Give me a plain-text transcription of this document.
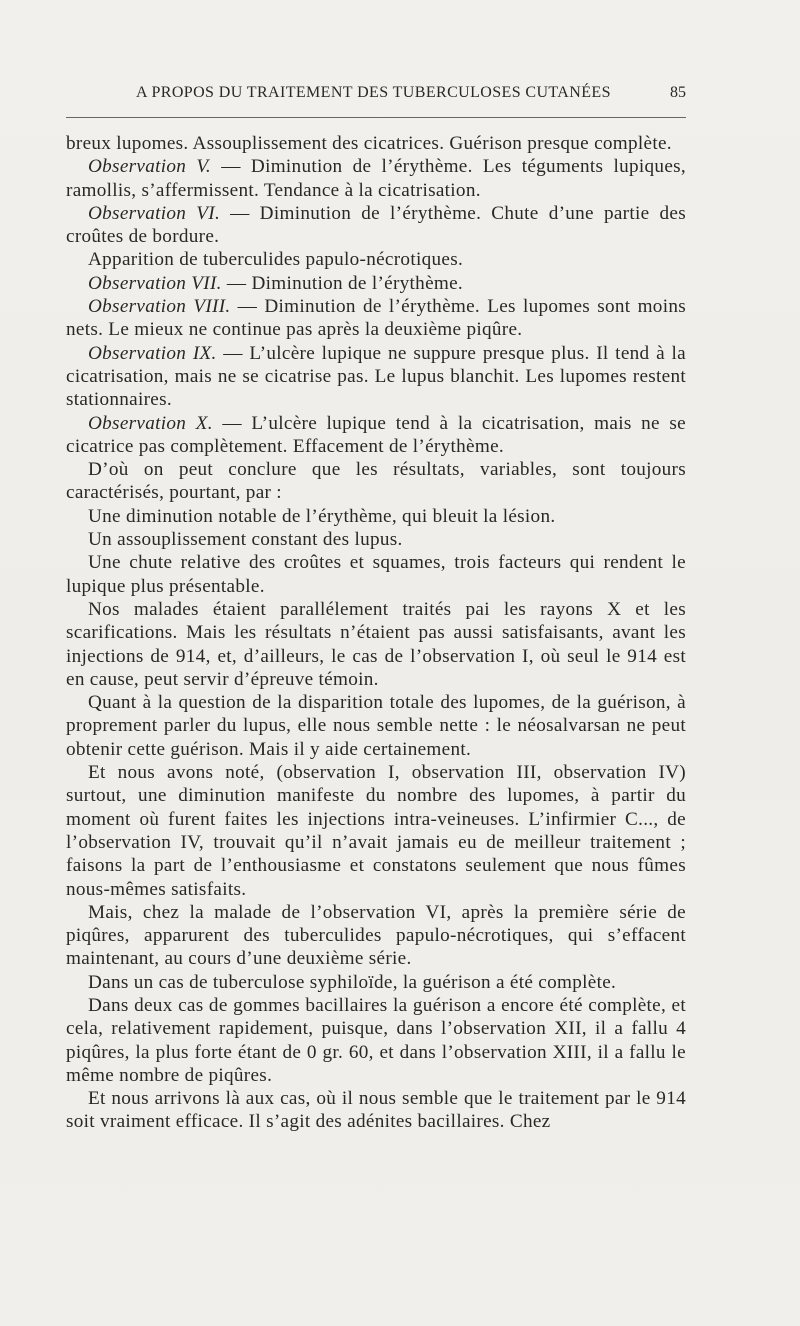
A PROPOS DU TRAITEMENT DES TUBERCULOSES CUTANÉES	85

breux lupomes. Assouplissement des cicatrices. Guérison presque complète.

Observation V. — Diminution de l’érythème. Les téguments lupiques, ramollis, s’affermissent. Tendance à la cicatrisation.

Observation VI. — Diminution de l’érythème. Chute d’une partie des croûtes de bordure.

Apparition de tuberculides papulo-nécrotiques.

Observation VII. — Diminution de l’érythème.

Observation VIII. — Diminution de l’érythème. Les lupomes sont moins nets. Le mieux ne continue pas après la deuxième piqûre.

Observation IX. — L’ulcère lupique ne suppure presque plus. Il tend à la cicatrisation, mais ne se cicatrise pas. Le lupus blanchit. Les lupomes restent stationnaires.

Observation X. — L’ulcère lupique tend à la cicatrisation, mais ne se cicatrice pas complètement. Effacement de l’érythème.

D’où on peut conclure que les résultats, variables, sont toujours caractérisés, pourtant, par :

Une diminution notable de l’érythème, qui bleuit la lésion.

Un assouplissement constant des lupus.

Une chute relative des croûtes et squames, trois facteurs qui rendent le lupique plus présentable.

Nos malades étaient parallélement traités pai les rayons X et les scarifications. Mais les résultats n’étaient pas aussi satisfaisants, avant les injections de 914, et, d’ailleurs, le cas de l’observation I, où seul le 914 est en cause, peut servir d’épreuve témoin.

Quant à la question de la disparition totale des lupomes, de la guérison, à proprement parler du lupus, elle nous semble nette : le néosalvarsan ne peut obtenir cette guérison. Mais il y aide certainement.

Et nous avons noté, (observation I, observation III, observation IV) surtout, une diminution manifeste du nombre des lupomes, à partir du moment où furent faites les injections intra-veineuses. L’infirmier C..., de l’observation IV, trouvait qu’il n’avait jamais eu de meilleur traitement ; faisons la part de l’enthousiasme et constatons seulement que nous fûmes nous-mêmes satisfaits.

Mais, chez la malade de l’observation VI, après la première série de piqûres, apparurent des tuberculides papulo-nécrotiques, qui s’effacent maintenant, au cours d’une deuxième série.

Dans un cas de tuberculose syphiloïde, la guérison a été complète.

Dans deux cas de gommes bacillaires la guérison a encore été complète, et cela, relativement rapidement, puisque, dans l’observation XII, il a fallu 4 piqûres, la plus forte étant de 0 gr. 60, et dans l’observation XIII, il a fallu le même nombre de piqûres.

Et nous arrivons là aux cas, où il nous semble que le traitement par le 914 soit vraiment efficace. Il s’agit des adénites bacillaires. Chez
